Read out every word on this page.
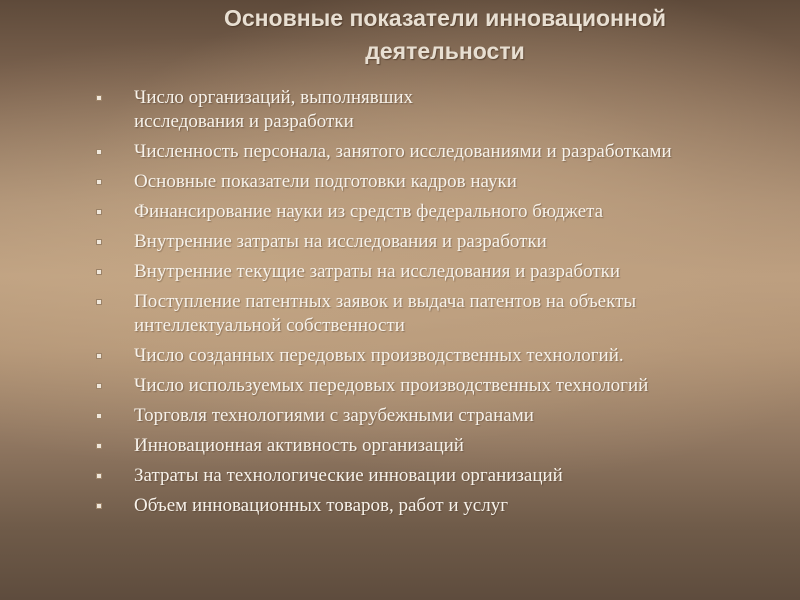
Основные показатели инновационной
деятельности
Число организаций, выполнявших исследования и разработки
Численность персонала, занятого исследованиями и разработками
Основные показатели подготовки кадров науки
Финансирование науки из средств федерального бюджета
Внутренние затраты на исследования и разработки
Внутренние текущие затраты на исследования и разработки
Поступление патентных заявок и выдача патентов на объекты интеллектуальной собственности
Число созданных передовых производственных технологий.
Число используемых передовых производственных технологий
Торговля технологиями с зарубежными странами
Инновационная активность организаций
Затраты на технологические инновации организаций
Объем инновационных товаров, работ и услуг
